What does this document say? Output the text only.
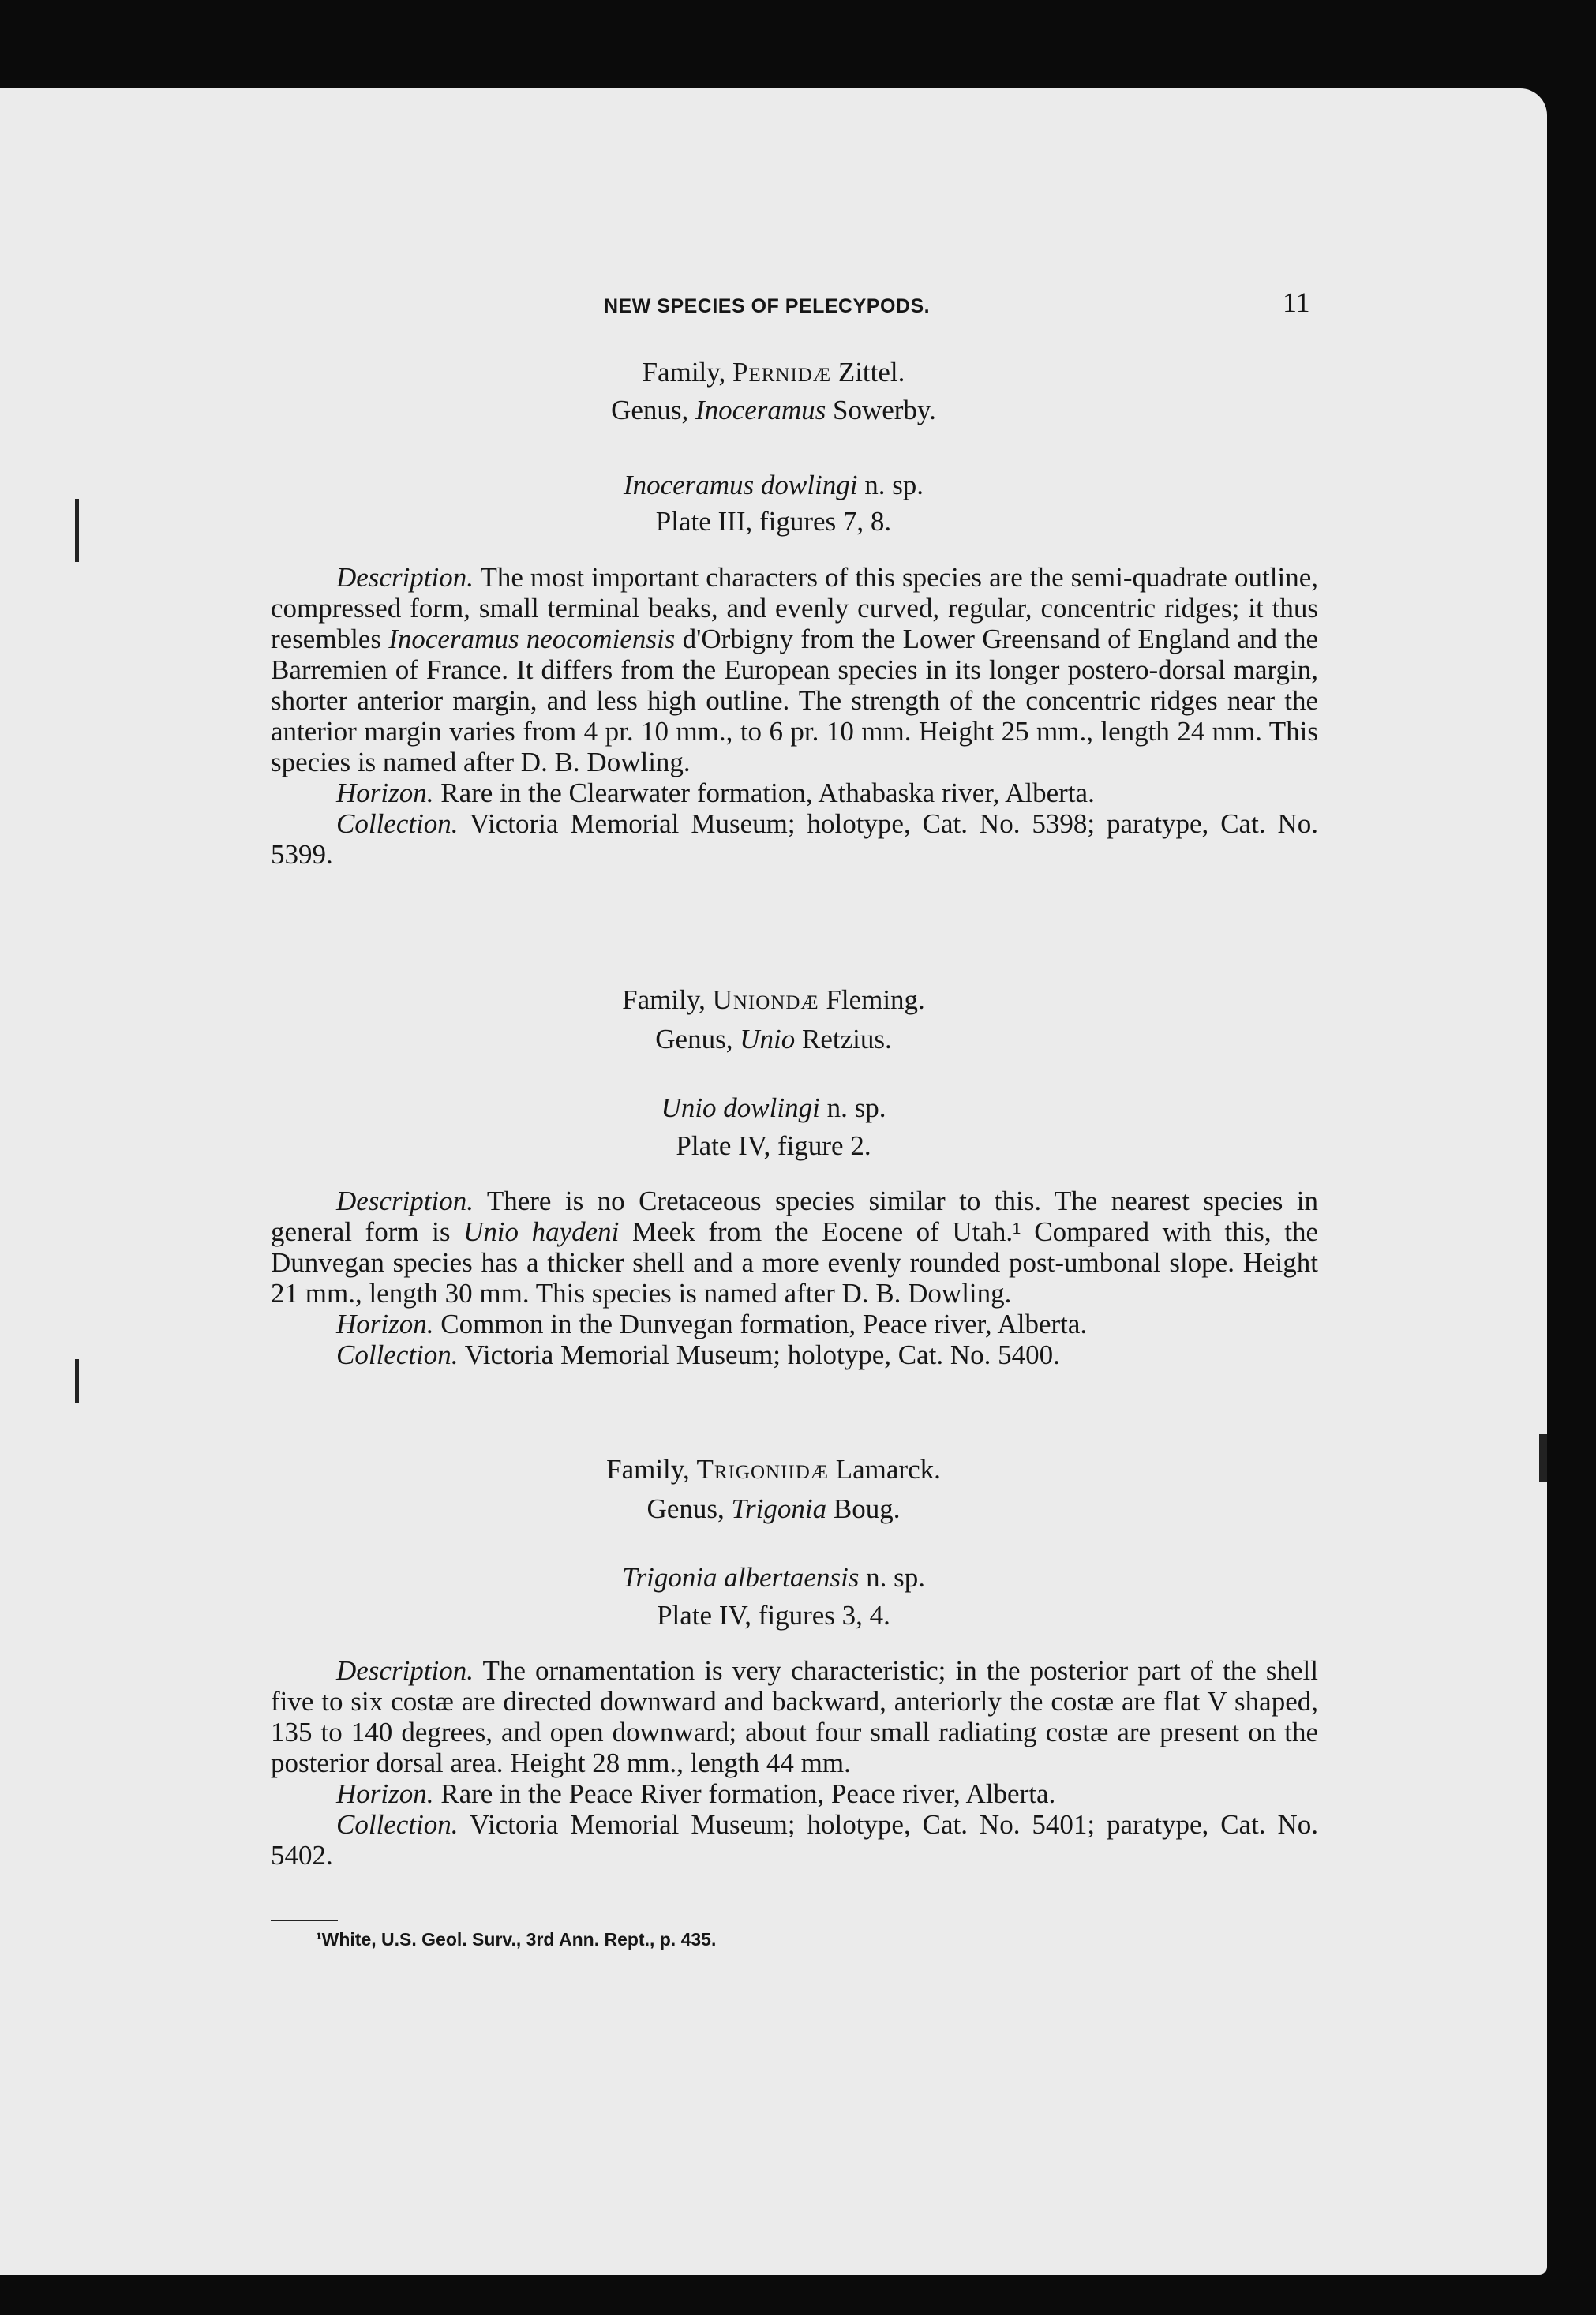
NEW SPECIES OF PELECYPODS.	11
Family, Pernidæ Zittel.
Genus, Inoceramus Sowerby.
Inoceramus dowlingi n. sp.
Plate III, figures 7, 8.

Description. The most important characters of this species are the semi-quadrate outline, compressed form, small terminal beaks, and evenly curved, regular, concentric ridges; it thus resembles Inoceramus neocomiensis d'Orbigny from the Lower Greensand of England and the Barremien of France. It differs from the European species in its longer postero-dorsal margin, shorter anterior margin, and less high outline. The strength of the concentric ridges near the anterior margin varies from 4 pr. 10 mm., to 6 pr. 10 mm. Height 25 mm., length 24 mm. This species is named after D. B. Dowling.

Horizon. Rare in the Clearwater formation, Athabaska river, Alberta.

Collection. Victoria Memorial Museum; holotype, Cat. No. 5398; paratype, Cat. No. 5399.

Family, Uniondæ Fleming.
Genus, Unio Retzius.
Unio dowlingi n. sp.
Plate IV, figure 2.

Description. There is no Cretaceous species similar to this. The nearest species in general form is Unio haydeni Meek from the Eocene of Utah.¹ Compared with this, the Dunvegan species has a thicker shell and a more evenly rounded post-umbonal slope. Height 21 mm., length 30 mm. This species is named after D. B. Dowling.

Horizon. Common in the Dunvegan formation, Peace river, Alberta.

Collection. Victoria Memorial Museum; holotype, Cat. No. 5400.

Family, Trigoniidæ Lamarck.
Genus, Trigonia Boug.
Trigonia albertaensis n. sp.
Plate IV, figures 3, 4.

Description. The ornamentation is very characteristic; in the posterior part of the shell five to six costæ are directed downward and backward, anteriorly the costæ are flat V shaped, 135 to 140 degrees, and open downward; about four small radiating costæ are present on the posterior dorsal area. Height 28 mm., length 44 mm.

Horizon. Rare in the Peace River formation, Peace river, Alberta.

Collection. Victoria Memorial Museum; holotype, Cat. No. 5401; paratype, Cat. No. 5402.

¹White, U.S. Geol. Surv., 3rd Ann. Rept., p. 435.
